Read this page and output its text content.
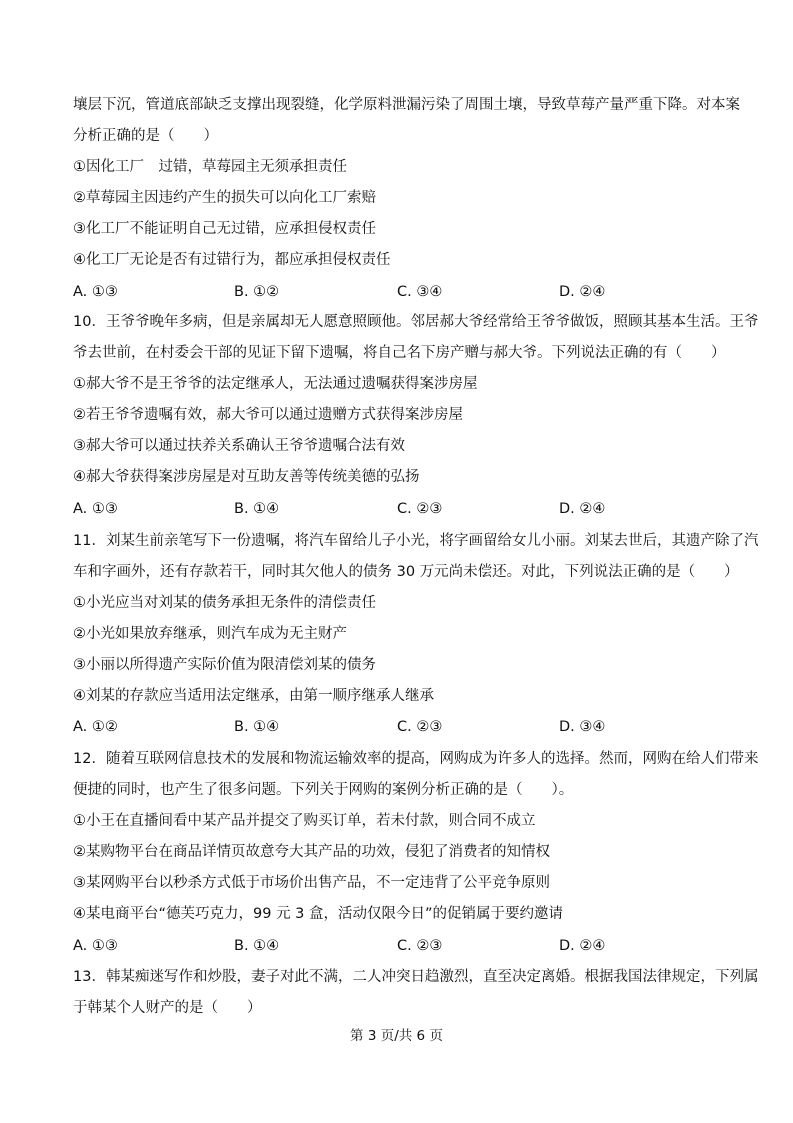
壤层下沉，管道底部缺乏支撑出现裂缝，化学原料泄漏污染了周围土壤，导致草莓产量严重下降。对本案
分析正确的是（　　）
①因化工厂　过错，草莓园主无须承担责任
②草莓园主因违约产生的损失可以向化工厂索赔
③化工厂不能证明自己无过错，应承担侵权责任
④化工厂无论是否有过错行为，都应承担侵权责任
A. ①③	B. ①②	C. ③④	D. ②④
10．王爷爷晚年多病，但是亲属却无人愿意照顾他。邻居郝大爷经常给王爷爷做饭，照顾其基本生活。王爷
爷去世前，在村委会干部的见证下留下遗嘱，将自己名下房产赠与郝大爷。下列说法正确的有（　　）
①郝大爷不是王爷爷的法定继承人，无法通过遗嘱获得案涉房屋
②若王爷爷遗嘱有效，郝大爷可以通过遗赠方式获得案涉房屋
③郝大爷可以通过扶养关系确认王爷爷遗嘱合法有效
④郝大爷获得案涉房屋是对互助友善等传统美德的弘扬
A. ①③	B. ①④	C. ②③	D. ②④
11．刘某生前亲笔写下一份遗嘱，将汽车留给儿子小光，将字画留给女儿小丽。刘某去世后，其遗产除了汽
车和字画外，还有存款若干，同时其欠他人的债务 30 万元尚未偿还。对此，下列说法正确的是（　　）
①小光应当对刘某的债务承担无条件的清偿责任
②小光如果放弃继承，则汽车成为无主财产
③小丽以所得遗产实际价值为限清偿刘某的债务
④刘某的存款应当适用法定继承，由第一顺序继承人继承
A. ①②	B. ①④	C. ②③	D. ③④
12．随着互联网信息技术的发展和物流运输效率的提高，网购成为许多人的选择。然而，网购在给人们带来
便捷的同时，也产生了很多问题。下列关于网购的案例分析正确的是（　　）。
①小王在直播间看中某产品并提交了购买订单，若未付款，则合同不成立
②某购物平台在商品详情页故意夸大其产品的功效，侵犯了消费者的知情权
③某网购平台以秒杀方式低于市场价出售产品，不一定违背了公平竞争原则
④某电商平台“德芙巧克力，99 元 3 盒，活动仅限今日”的促销属于要约邀请
A. ①③	B. ①④	C. ②③	D. ②④
13．韩某痴迷写作和炒股，妻子对此不满，二人冲突日趋激烈，直至决定离婚。根据我国法律规定，下列属
于韩某个人财产的是（　　）
第 3 页/共 6 页
